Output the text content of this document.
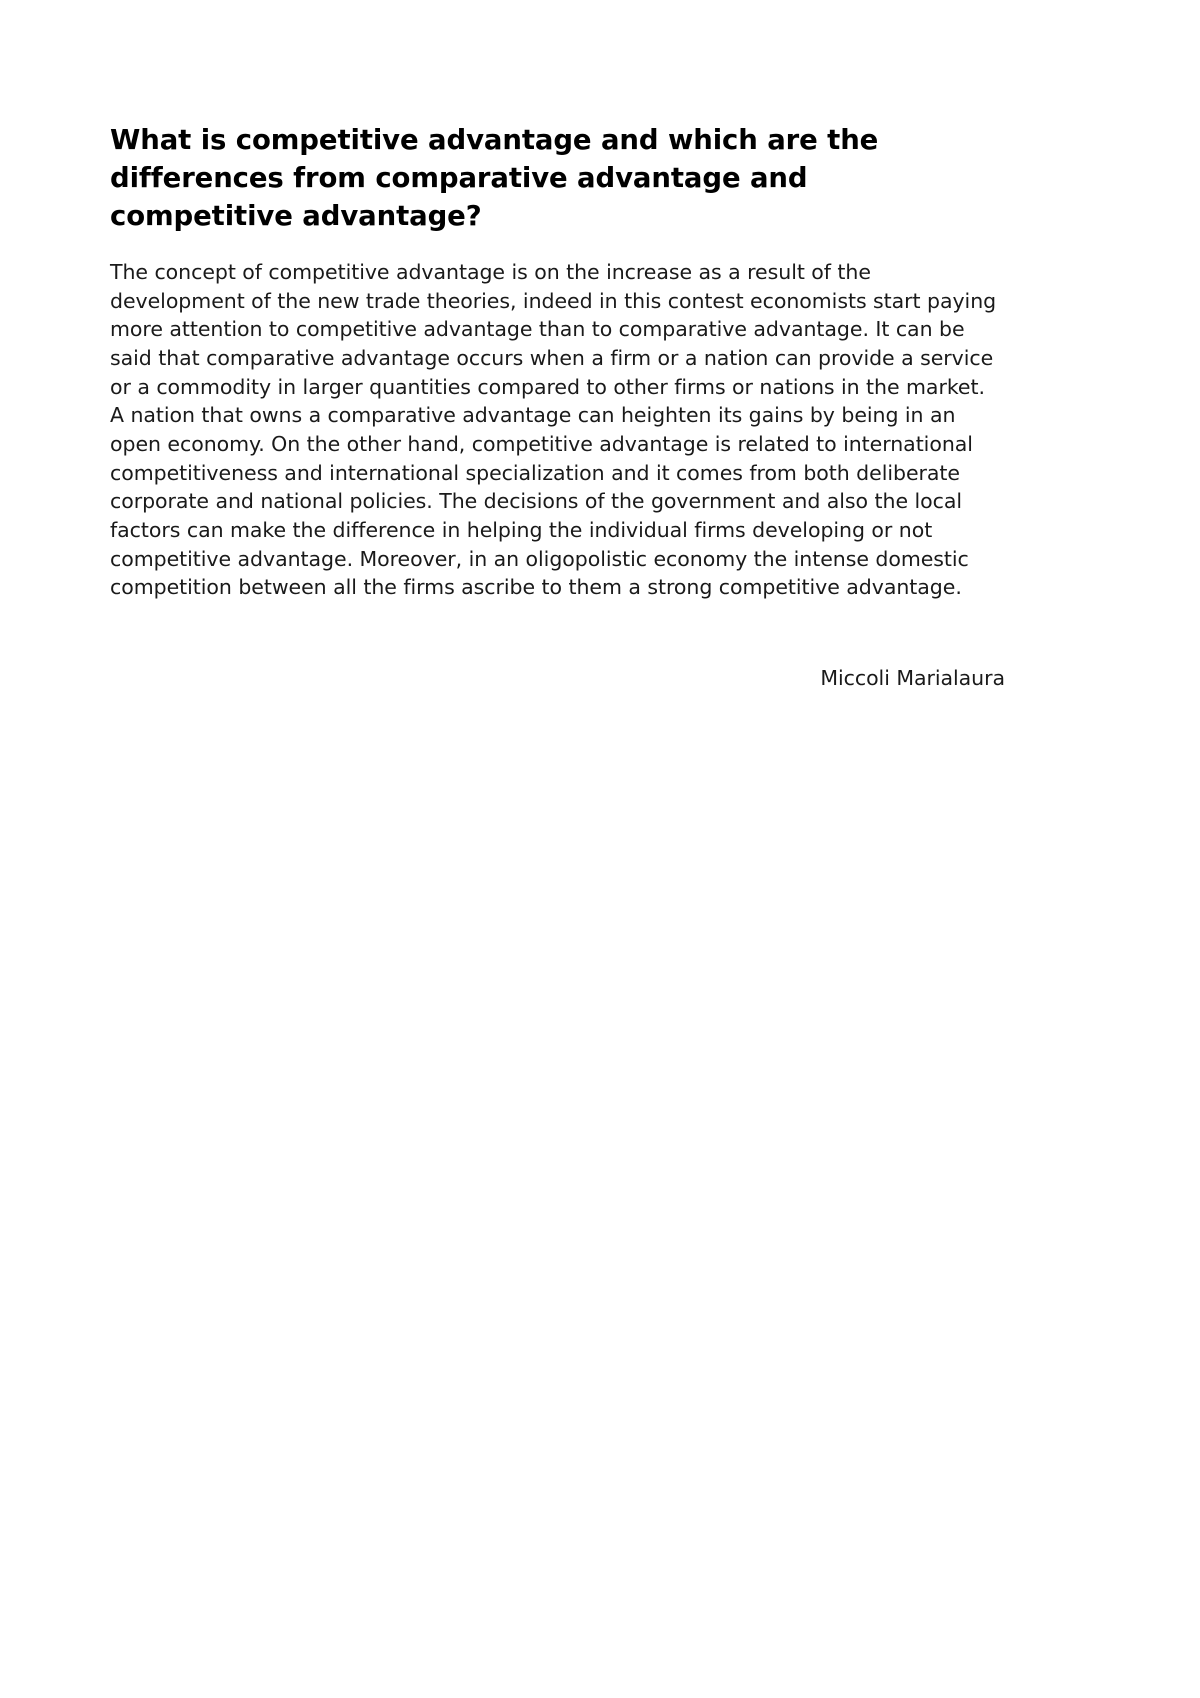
What is competitive advantage and which are the differences from comparative advantage and competitive advantage?

The concept of competitive advantage is on the increase as a result of the development of the new trade theories, indeed in this contest economists start paying more attention to competitive advantage than to comparative advantage. It can be said that comparative advantage occurs when a firm or a nation can provide a service or a commodity in larger quantities compared to other firms or nations in the market. A nation that owns a comparative advantage can heighten its gains by being in an open economy. On the other hand, competitive advantage is related to international competitiveness and international specialization and it comes from both deliberate corporate and national policies. The decisions of the government and also the local factors can make the difference in helping the individual firms developing or not competitive advantage. Moreover, in an oligopolistic economy the intense domestic competition between all the firms ascribe to them a strong competitive advantage.

Miccoli Marialaura
